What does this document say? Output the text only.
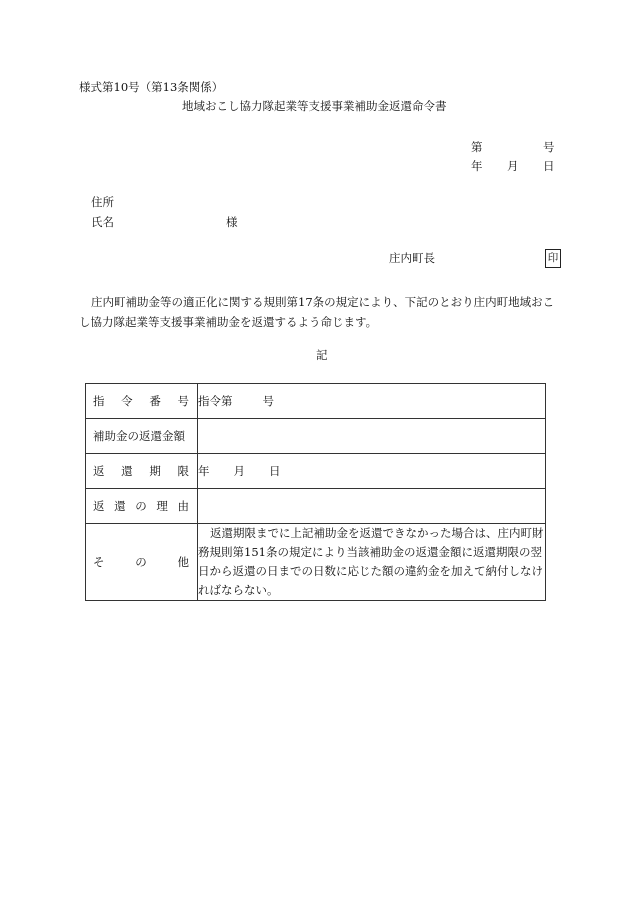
様式第10号（第13条関係）
地域おこし協力隊起業等支援事業補助金返還命令書
第	号
年 月 日
住所
氏名	様
庄内町長	印
庄内町補助金等の適正化に関する規則第17条の規定により、下記のとおり庄内町地域おこし協力隊起業等支援事業補助金を返還するよう命じます。
記
指 令 番 号	指令第 号
補助金の返還金額	

返 還 期 限	年 月 日

返 還 の 理 由	

そ の 他	返還期限までに上記補助金を返還できなかった場合は、庄内町財務規則第151条の規定により当該補助金の返還金額に返還期限の翌日から返還の日までの日数に応じた額の違約金を加えて納付しなければならない。
